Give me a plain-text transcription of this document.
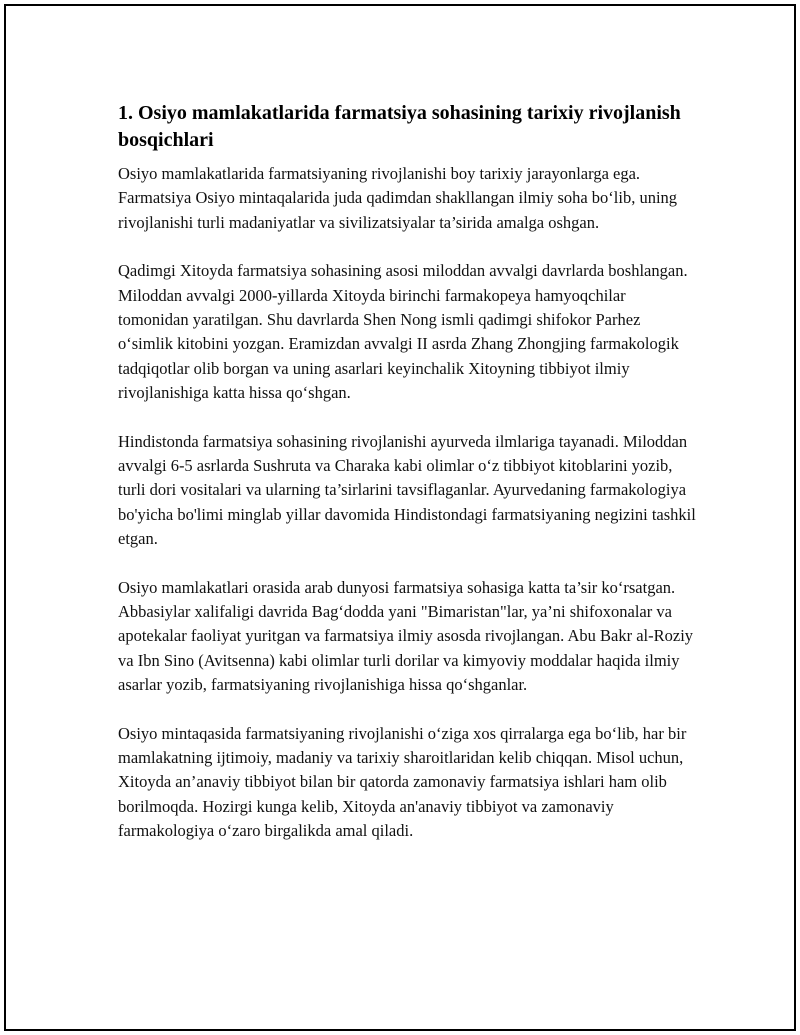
1. Osiyo mamlakatlarida farmatsiya sohasining tarixiy rivojlanish bosqichlari

Osiyo mamlakatlarida farmatsiyaning rivojlanishi boy tarixiy jarayonlarga ega. Farmatsiya Osiyo mintaqalarida juda qadimdan shakllangan ilmiy soha bo‘lib, uning rivojlanishi turli madaniyatlar va sivilizatsiyalar ta’sirida amalga oshgan.

Qadimgi Xitoyda farmatsiya sohasining asosi miloddan avvalgi davrlarda boshlangan. Miloddan avvalgi 2000-yillarda Xitoyda birinchi farmakopeya hamyoqchilar tomonidan yaratilgan. Shu davrlarda Shen Nong ismli qadimgi shifokor Parhez o‘simlik kitobini yozgan. Eramizdan avvalgi II asrda Zhang Zhongjing farmakologik tadqiqotlar olib borgan va uning asarlari keyinchalik Xitoyning tibbiyot ilmiy rivojlanishiga katta hissa qo‘shgan.

Hindistonda farmatsiya sohasining rivojlanishi ayurveda ilmlariga tayanadi. Miloddan avvalgi 6-5 asrlarda Sushruta va Charaka kabi olimlar o‘z tibbiyot kitoblarini yozib, turli dori vositalari va ularning ta’sirlarini tavsiflaganlar. Ayurvedaning farmakologiya bo'yicha bo'limi minglab yillar davomida Hindistondagi farmatsiyaning negizini tashkil etgan.

Osiyo mamlakatlari orasida arab dunyosi farmatsiya sohasiga katta ta’sir ko‘rsatgan. Abbasiylar xalifaligi davrida Bag‘dodda yani "Bimaristan"lar, ya’ni shifoxonalar va apotekalar faoliyat yuritgan va farmatsiya ilmiy asosda rivojlangan. Abu Bakr al-Roziy va Ibn Sino (Avitsenna) kabi olimlar turli dorilar va kimyoviy moddalar haqida ilmiy asarlar yozib, farmatsiyaning rivojlanishiga hissa qo‘shganlar.

Osiyo mintaqasida farmatsiyaning rivojlanishi o‘ziga xos qirralarga ega bo‘lib, har bir mamlakatning ijtimoiy, madaniy va tarixiy sharoitlaridan kelib chiqqan. Misol uchun, Xitoyda an’anaviy tibbiyot bilan bir qatorda zamonaviy farmatsiya ishlari ham olib borilmoqda. Hozirgi kunga kelib, Xitoyda an'anaviy tibbiyot va zamonaviy farmakologiya o‘zaro birgalikda amal qiladi.
